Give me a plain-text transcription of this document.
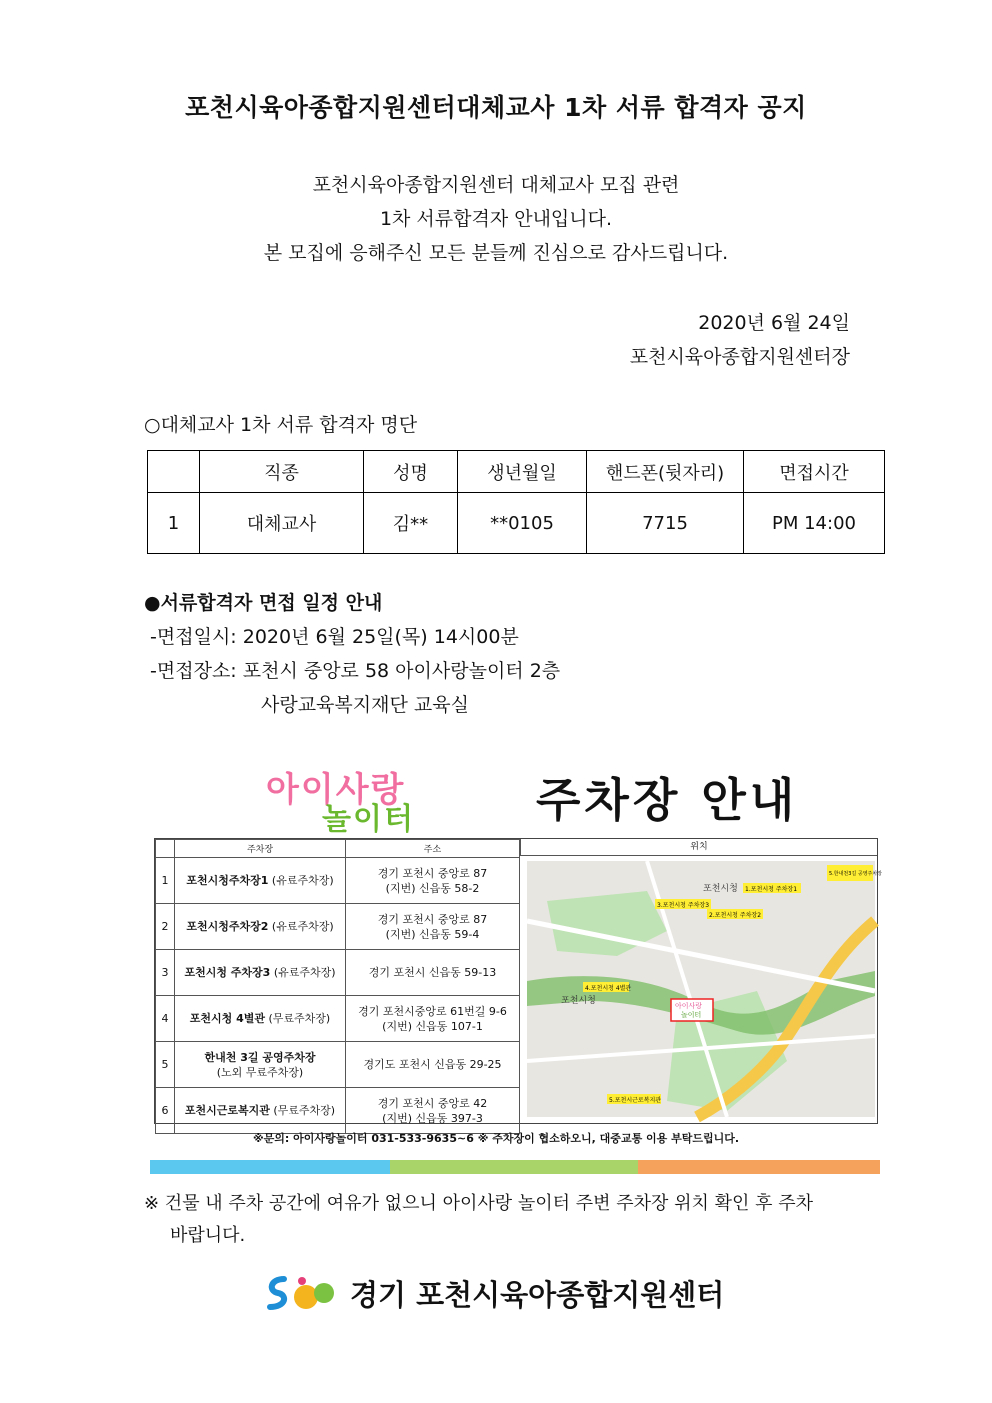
포천시육아종합지원센터대체교사 1차 서류 합격자 공지
포천시육아종합지원센터 대체교사 모집 관련
1차 서류합격자 안내입니다.
본 모집에 응해주신 모든 분들께 진심으로 감사드립니다.
2020년 6월 24일
포천시육아종합지원센터장
○대체교사 1차 서류 합격자 명단
	직종	성명	생년월일	핸드폰(뒷자리)	면접시간
1	대체교사	김**	**0105	7715	PM 14:00
●서류합격자 면접 일정 안내
-면접일시: 2020년 6월 25일(목) 14시00분
-면접장소: 포천시 중앙로 58 아이사랑놀이터 2층
사랑교육복지재단 교육실
아이사랑
놀이터	주차장 안내
	주차장	주소
1	포천시청주차장1 (유료주차장)	경기 포천시 중앙로 87
(지번) 신읍동 58-2

2	포천시청주차장2 (유료주차장)	경기 포천시 중앙로 87
(지번) 신읍동 59-4

3	포천시청 주차장3 (유료주차장)	경기 포천시 신읍동 59-13

4	포천시청 4별관 (무료주차장)	경기 포천시중앙로 61번길 9-6
(지번) 신읍동 107-1

5	한내천 3길 공영주차장
(노외 무료주차장)	경기도 포천시 신읍동 29-25

6	포천시근로복지관 (무료주차장)	경기 포천시 중앙로 42
(지번) 신읍동 397-3
위치
1.포천시청 주차장1
3.포천시청 주차장3
2.포천시청 주차장2
4.포천시청 4별관
5.한내천3길 공영주차장
5.포천시근로복지관
포천시청
포천시청	아이사랑
놀이터
※문의: 아이사랑놀이터 031-533-9635~6 ※ 주차장이 협소하오니, 대중교통 이용 부탁드립니다.
※ 건물 내 주차 공간에 여유가 없으니 아이사랑 놀이터 주변 주차장 위치 확인 후 주차
바랍니다.
경기 포천시육아종합지원센터
